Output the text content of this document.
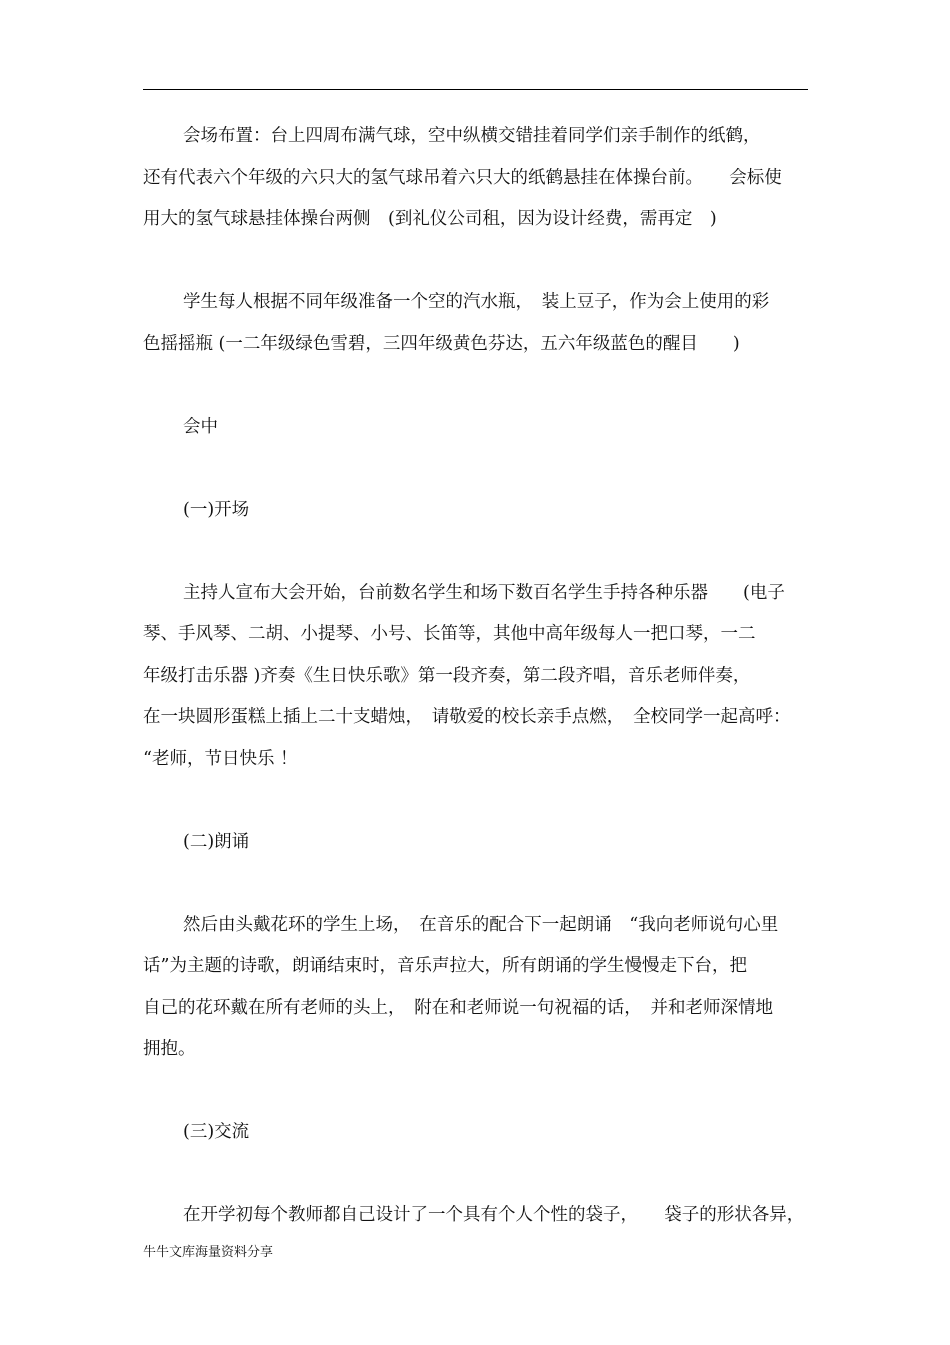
会场布置：台上四周布满气球，空中纵横交错挂着同学们亲手制作的纸鹤，
还有代表六个年级的六只大的氢气球吊着六只大的纸鹤悬挂在体操台前。　　会标使
用大的氢气球悬挂体操台两侧　(到礼仪公司租，因为设计经费，需再定　)
学生每人根据不同年级准备一个空的汽水瓶，　装上豆子，作为会上使用的彩
色摇摇瓶 (一二年级绿色雪碧，三四年级黄色芬达，五六年级蓝色的醒目　　)
会中
(一)开场
主持人宣布大会开始，台前数名学生和场下数百名学生手持各种乐器　　(电子
琴、手风琴、二胡、小提琴、小号、长笛等，其他中高年级每人一把口琴，一二
年级打击乐器 )齐奏《生日快乐歌》第一段齐奏，第二段齐唱，音乐老师伴奏，
在一块圆形蛋糕上插上二十支蜡烛，　请敬爱的校长亲手点燃，　全校同学一起高呼：
“老师，节日快乐 ！
(二)朗诵
然后由头戴花环的学生上场，　在音乐的配合下一起朗诵　“我向老师说句心里
话”为主题的诗歌，朗诵结束时，音乐声拉大，所有朗诵的学生慢慢走下台，把
自己的花环戴在所有老师的头上，　附在和老师说一句祝福的话，　并和老师深情地
拥抱。
(三)交流
在开学初每个教师都自己设计了一个具有个人个性的袋子，　　袋子的形状各异，
牛牛文库海量资料分享
